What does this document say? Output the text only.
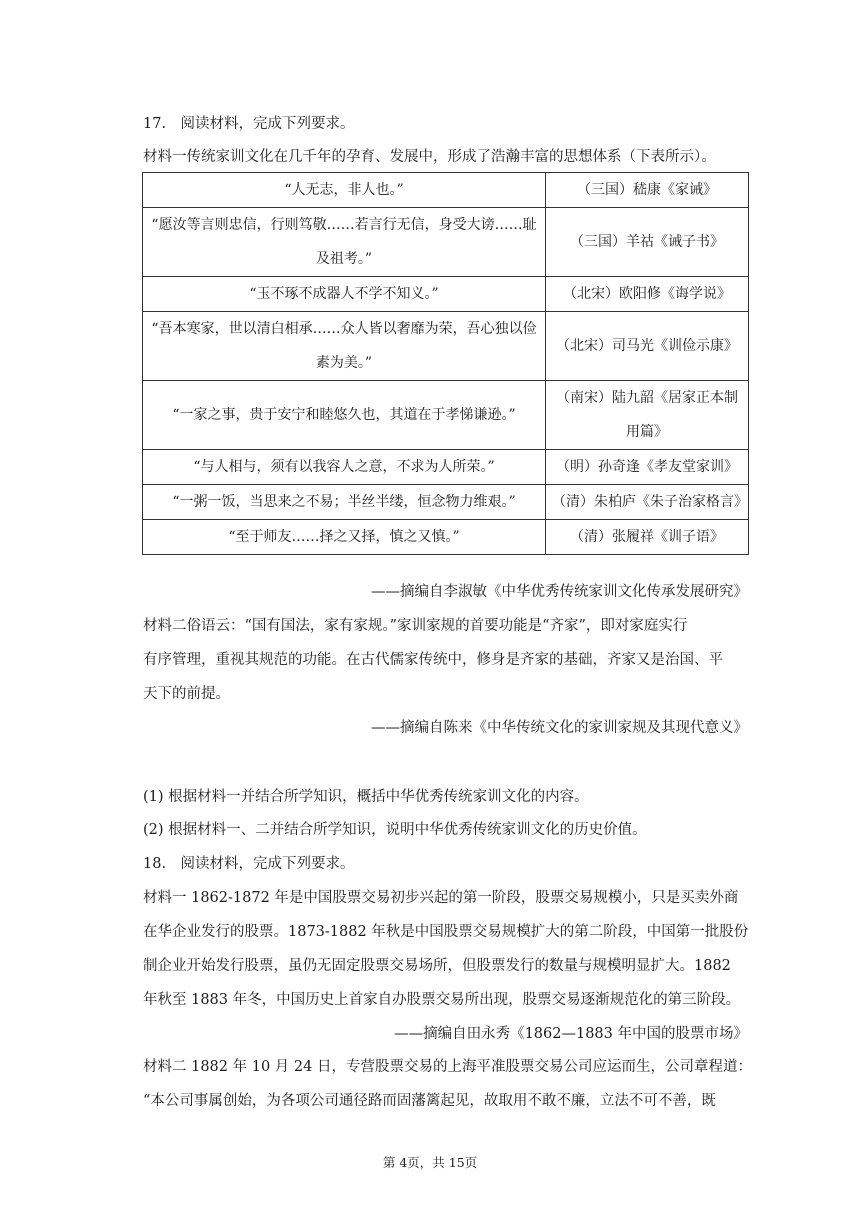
17.　阅读材料，完成下列要求。
材料一传统家训文化在几千年的孕育、发展中，形成了浩瀚丰富的思想体系（下表所示）。
“人无志，非人也。”	（三国）嵇康《家诫》
“愿汝等言则忠信，行则笃敬……若言行无信，身受大谤……耻及祖考。”	（三国）羊祜《诫子书》
“玉不琢不成器人不学不知义。”	（北宋）欧阳修《诲学说》
“吾本寒家，世以清白相承……众人皆以奢靡为荣，吾心独以俭素为美。”	（北宋）司马光《训俭示康》
“一家之事，贵于安宁和睦悠久也，其道在于孝悌谦逊。”	（南宋）陆九韶《居家正本制用篇》
“与人相与，须有以我容人之意，不求为人所荣。”	（明）孙奇逢《孝友堂家训》
“一粥一饭，当思来之不易；半丝半缕，恒念物力维艰。”	（清）朱柏庐《朱子治家格言》
“至于师友……择之又择，慎之又慎。”	（清）张履祥《训子语》
——摘编自李淑敏《中华优秀传统家训文化传承发展研究》
材料二俗语云：“国有国法，家有家规。”家训家规的首要功能是“齐家”，即对家庭实行
有序管理，重视其规范的功能。在古代儒家传统中，修身是齐家的基础，齐家又是治国、平
天下的前提。
——摘编自陈来《中华传统文化的家训家规及其现代意义》
(1) 根据材料一并结合所学知识，概括中华优秀传统家训文化的内容。
(2) 根据材料一、二并结合所学知识，说明中华优秀传统家训文化的历史价值。
18.　阅读材料，完成下列要求。
材料一 1862-1872 年是中国股票交易初步兴起的第一阶段，股票交易规模小，只是买卖外商
在华企业发行的股票。1873-1882 年秋是中国股票交易规模扩大的第二阶段，中国第一批股份
制企业开始发行股票，虽仍无固定股票交易场所，但股票发行的数量与规模明显扩大。1882
年秋至 1883 年冬，中国历史上首家自办股票交易所出现，股票交易逐渐规范化的第三阶段。
——摘编自田永秀《1862—1883 年中国的股票市场》
材料二 1882 年 10 月 24 日，专营股票交易的上海平准股票交易公司应运而生，公司章程道：
“本公司事属创始，为各项公司通径路而固藩篱起见，故取用不敢不廉，立法不可不善，既
第 4页，共 15页
